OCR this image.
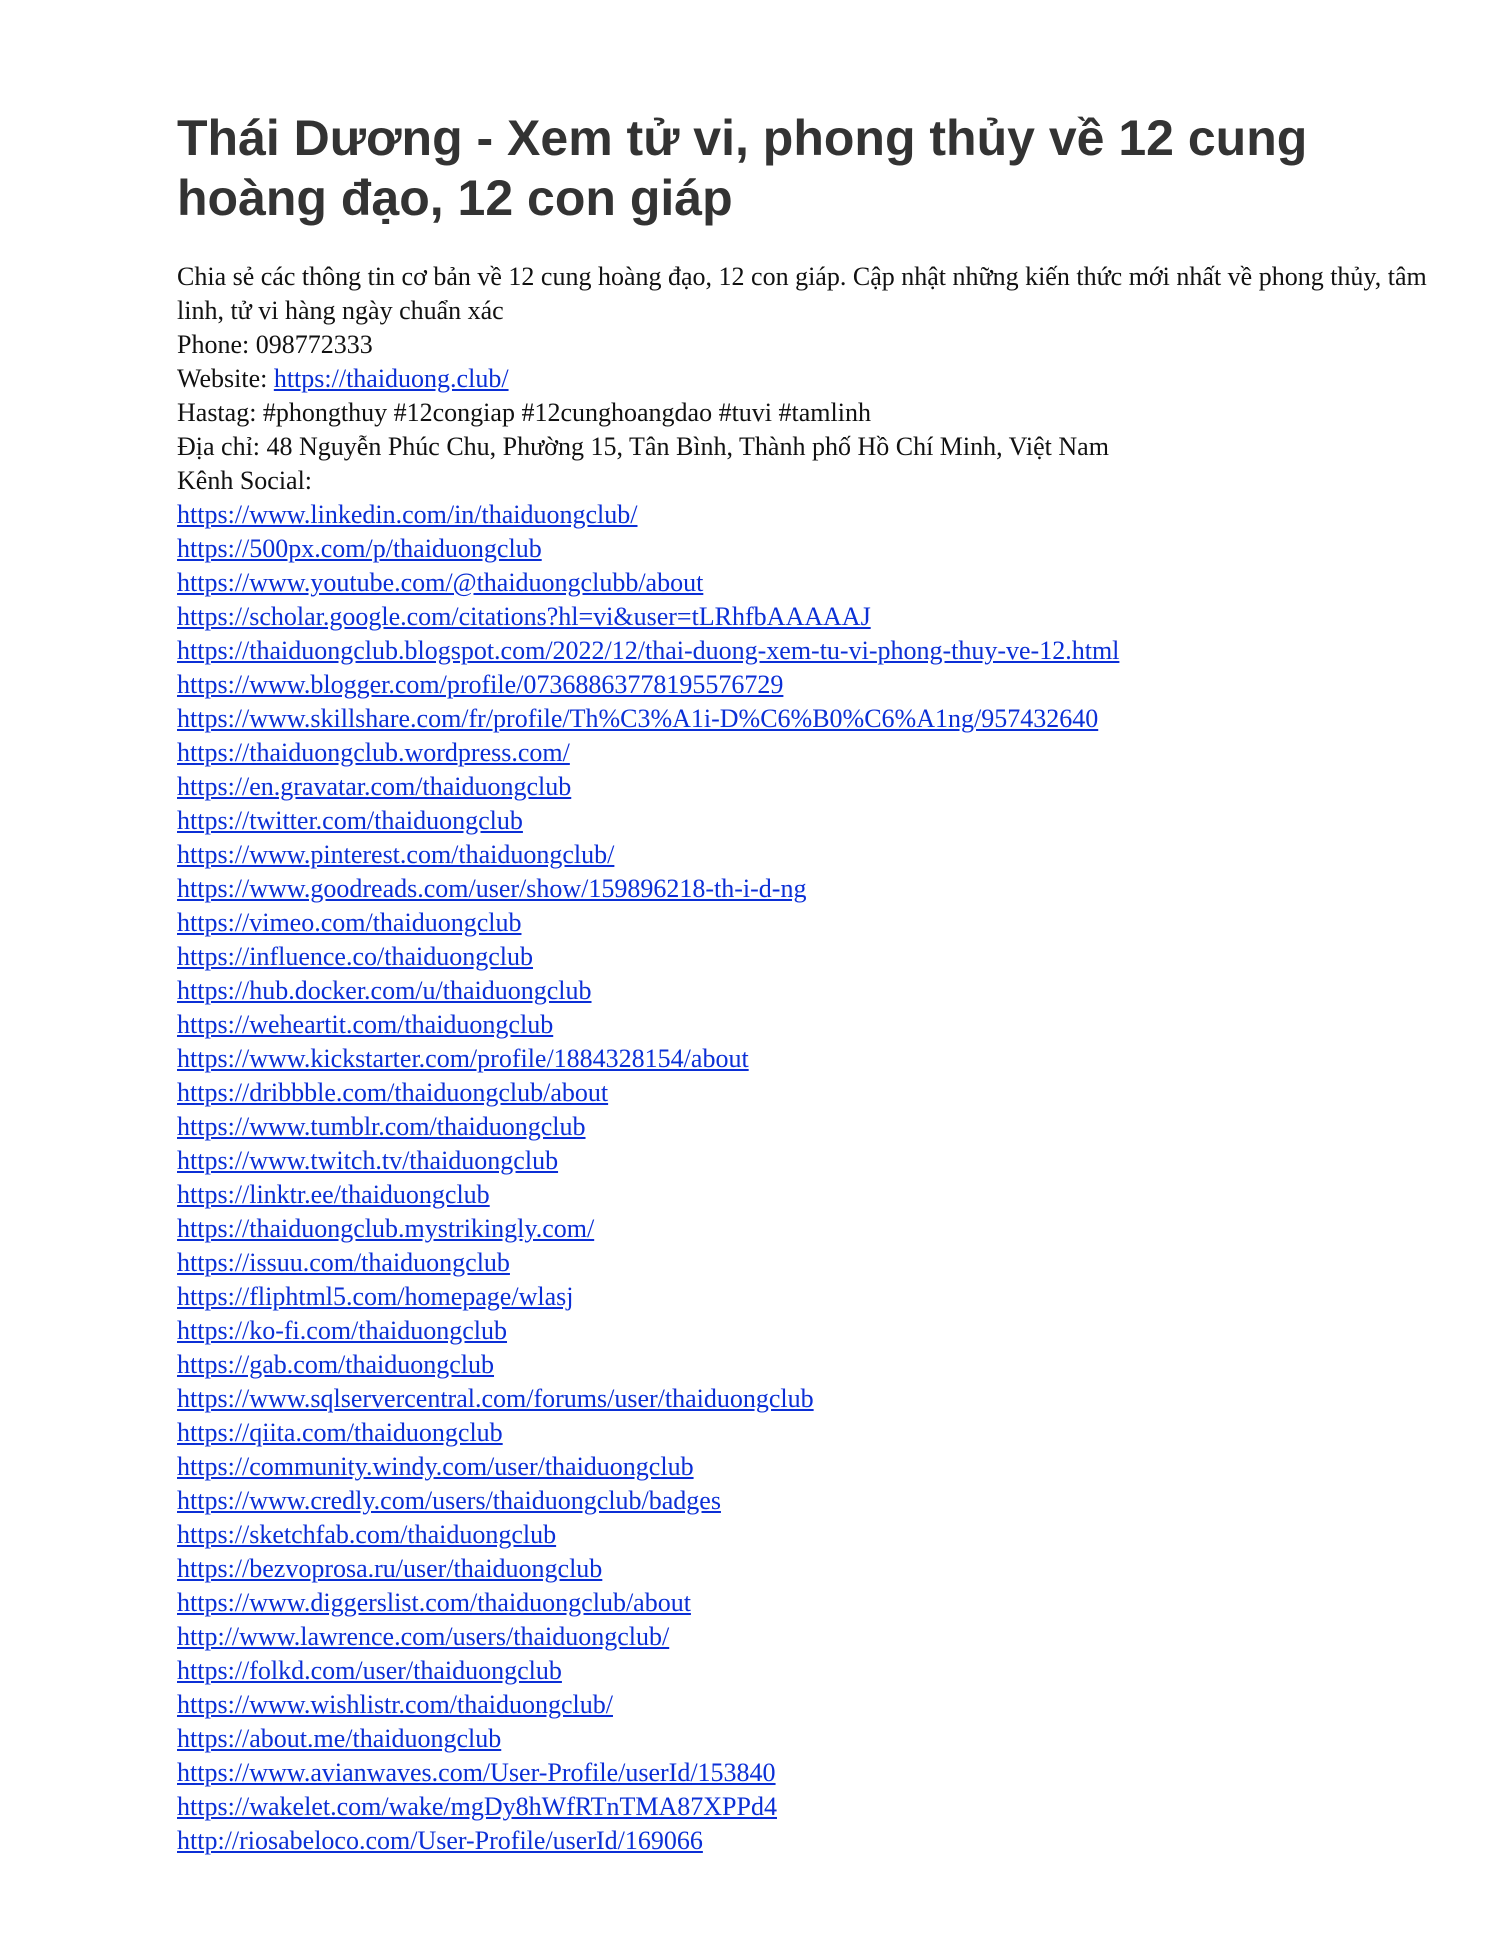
Thái Dương - Xem tử vi, phong thủy về 12 cung hoàng đạo, 12 con giáp
Chia sẻ các thông tin cơ bản về 12 cung hoàng đạo, 12 con giáp. Cập nhật những kiến thức mới nhất về phong thủy, tâm linh, tử vi hàng ngày chuẩn xác
Phone: 098772333
Website: https://thaiduong.club/
Hastag: #phongthuy #12congiap #12cunghoangdao #tuvi #tamlinh
Địa chỉ: 48 Nguyễn Phúc Chu, Phường 15, Tân Bình, Thành phố Hồ Chí Minh, Việt Nam
Kênh Social:
https://www.linkedin.com/in/thaiduongclub/
https://500px.com/p/thaiduongclub
https://www.youtube.com/@thaiduongclubb/about
https://scholar.google.com/citations?hl=vi&user=tLRhfbAAAAAJ
https://thaiduongclub.blogspot.com/2022/12/thai-duong-xem-tu-vi-phong-thuy-ve-12.html
https://www.blogger.com/profile/07368863778195576729
https://www.skillshare.com/fr/profile/Th%C3%A1i-D%C6%B0%C6%A1ng/957432640
https://thaiduongclub.wordpress.com/
https://en.gravatar.com/thaiduongclub
https://twitter.com/thaiduongclub
https://www.pinterest.com/thaiduongclub/
https://www.goodreads.com/user/show/159896218-th-i-d-ng
https://vimeo.com/thaiduongclub
https://influence.co/thaiduongclub
https://hub.docker.com/u/thaiduongclub
https://weheartit.com/thaiduongclub
https://www.kickstarter.com/profile/1884328154/about
https://dribbble.com/thaiduongclub/about
https://www.tumblr.com/thaiduongclub
https://www.twitch.tv/thaiduongclub
https://linktr.ee/thaiduongclub
https://thaiduongclub.mystrikingly.com/
https://issuu.com/thaiduongclub
https://fliphtml5.com/homepage/wlasj
https://ko-fi.com/thaiduongclub
https://gab.com/thaiduongclub
https://www.sqlservercentral.com/forums/user/thaiduongclub
https://qiita.com/thaiduongclub
https://community.windy.com/user/thaiduongclub
https://www.credly.com/users/thaiduongclub/badges
https://sketchfab.com/thaiduongclub
https://bezvoprosa.ru/user/thaiduongclub
https://www.diggerslist.com/thaiduongclub/about
http://www.lawrence.com/users/thaiduongclub/
https://folkd.com/user/thaiduongclub
https://www.wishlistr.com/thaiduongclub/
https://about.me/thaiduongclub
https://www.avianwaves.com/User-Profile/userId/153840
https://wakelet.com/wake/mgDy8hWfRTnTMA87XPPd4
http://riosabeloco.com/User-Profile/userId/169066
